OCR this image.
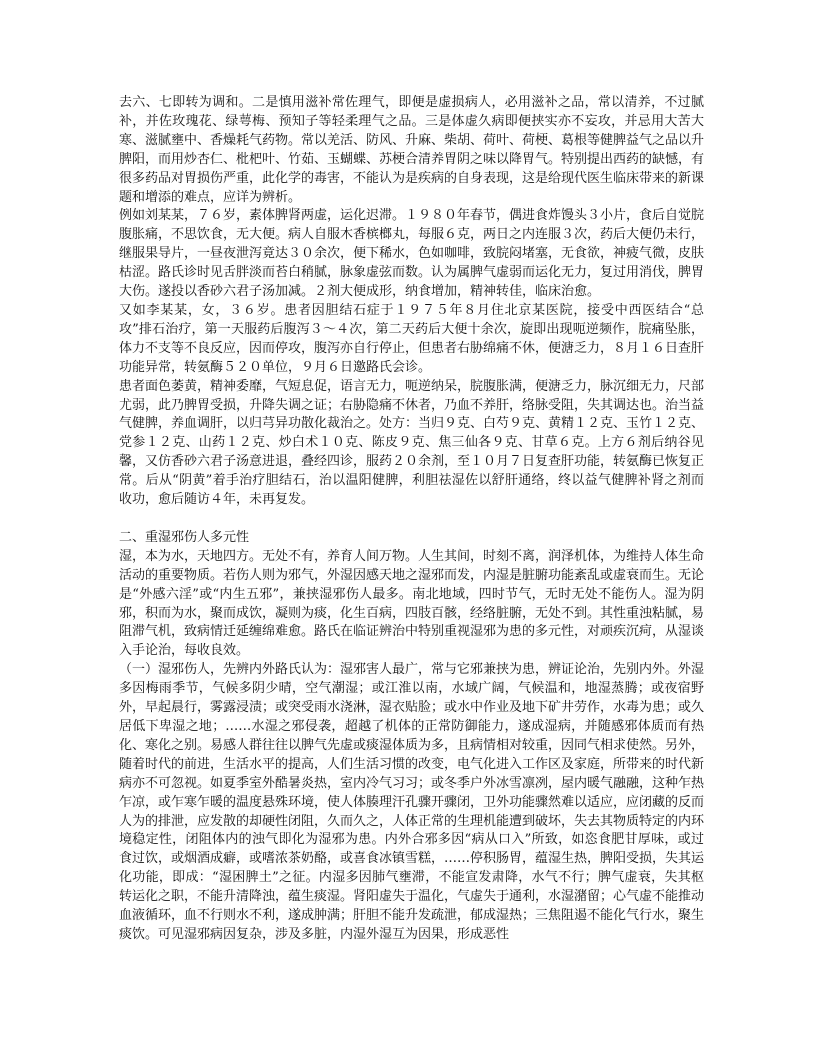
去六、七即转为调和。二是慎用滋补常佐理气，即便是虚损病人，必用滋补之品，常以清养，不过腻补，并佐玫瑰花、绿萼梅、预知子等轻柔理气之品。三是体虚久病即便挟实亦不妄攻，并忌用大苦大寒、滋腻壅中、香燥耗气药物。常以羌活、防风、升麻、柴胡、荷叶、荷梗、葛根等健脾益气之品以升脾阳，而用炒杏仁、枇杷叶、竹茹、玉蝴蝶、苏梗合清养胃阴之味以降胃气。特别提出西药的缺憾，有很多药品对胃损伤严重，此化学的毒害，不能认为是疾病的自身表现，这是给现代医生临床带来的新课题和增添的难点，应详为辨析。

例如刘某某，７６岁，素体脾肾两虚，运化迟滞。１９８０年春节，偶进食炸馒头３小片，食后自觉脘腹胀痛，不思饮食，无大便。病人自服木香槟榔丸，每服６克，两日之内连服３次，药后大便仍未行，继服果导片，一昼夜泄泻竟达３０余次，便下稀水，色如咖啡，致脘闷堵塞，无食欲，神疲气微，皮肤枯涩。路氏诊时见舌胖淡而苔白稍腻，脉象虚弦而数。认为属脾气虚弱而运化无力，复过用消伐，脾胃大伤。遂投以香砂六君子汤加减。２剂大便成形，纳食增加，精神转佳，临床治愈。

又如李某某，女，３６岁。患者因胆结石症于１９７５年８月住北京某医院，接受中西医结合“总攻”排石治疗，第一天服药后腹泻３～４次，第二天药后大便十余次，旋即出现呃逆频作，脘痛坠胀，体力不支等不良反应，因而停攻，腹泻亦自行停止，但患者右胁绵痛不休，便溏乏力，８月１６日查肝功能异常，转氨酶５２０单位，９月６日邀路氏会诊。

患者面色萎黄，精神委靡，气短息促，语言无力，呃逆纳呆，脘腹胀满，便溏乏力，脉沉细无力，尺部尤弱，此乃脾胃受损，升降失调之证；右胁隐痛不休者，乃血不养肝，络脉受阻，失其调达也。治当益气健脾，养血调肝，以归芎异功散化裁治之。处方：当归９克、白芍９克、黄精１２克、玉竹１２克、党参１２克、山药１２克、炒白术１０克、陈皮９克、焦三仙各９克、甘草６克。上方６剂后纳谷见馨，又仿香砂六君子汤意进退，叠经四诊，服药２０余剂，至１０月７日复查肝功能，转氨酶已恢复正常。后从“阴黄”着手治疗胆结石，治以温阳健脾，利胆祛湿佐以舒肝通络，终以益气健脾补肾之剂而收功，愈后随访４年，未再复发。

二、重湿邪伤人多元性

湿，本为水，天地四方。无处不有，养育人间万物。人生其间，时刻不离，润泽机体，为维持人体生命活动的重要物质。若伤人则为邪气，外湿因感天地之湿邪而发，内湿是脏腑功能紊乱或虚衰而生。无论是“外感六淫”或“内生五邪”，兼挟湿邪伤人最多。南北地域，四时节气，无时无处不能伤人。湿为阴邪，积而为水，聚而成饮，凝则为痰，化生百病，四肢百骸，经络脏腑，无处不到。其性重浊粘腻，易阻滞气机，致病情迁延缠绵难愈。路氏在临证辨治中特别重视湿邪为患的多元性，对顽疾沉疴，从湿谈入手论治，每收良效。

（一）湿邪伤人，先辨内外路氏认为：湿邪害人最广，常与它邪兼挟为患，辨证论治，先别内外。外湿多因梅雨季节，气候多阴少晴，空气潮湿；或江淮以南，水域广阔，气候温和，地湿蒸腾；或夜宿野外，早起晨行，雾露浸渍；或突受雨水浇淋，湿衣贴脸；或水中作业及地下矿井劳作，水毒为患；或久居低下卑湿之地；……水湿之邪侵袭，超越了机体的正常防御能力，遂成湿病，并随感邪体质而有热化、寒化之别。易感人群往往以脾气先虚或痰湿体质为多，且病情相对较重，因同气相求使然。另外，随着时代的前进，生活水平的提高，人们生活习惯的改变，电气化进入工作区及家庭，所带来的时代新病亦不可忽视。如夏季室外酷暑炎热，室内冷气习习；或冬季户外冰雪凛冽，屋内暖气融融，这种乍热乍凉，或乍寒乍暖的温度悬殊环境，使人体腠理汗孔骤开骤闭，卫外功能骤然难以适应，应闭藏的反而人为的排泄，应发散的却硬性闭阻，久而久之，人体正常的生理机能遭到破坏，失去其物质特定的内环境稳定性，闭阻体内的浊气即化为湿邪为患。内外合邪多因“病从口入”所致，如恣食肥甘厚味，或过食过饮，或烟酒成癖，或嗜浓茶奶酪，或喜食冰镇雪糕，……停积肠胃，蕴湿生热，脾阳受损，失其运化功能，即成：“湿困脾土”之征。内湿多因肺气壅滞，不能宣发肃降，水气不行；脾气虚衰，失其枢转运化之职，不能升清降浊，蕴生痰湿。肾阳虚失于温化，气虚失于通利，水湿潴留；心气虚不能推动血液循环，血不行则水不利，遂成肿满；肝胆不能升发疏泄，郁成湿热；三焦阻遏不能化气行水，聚生痰饮。可见湿邪病因复杂，涉及多脏，内湿外湿互为因果，形成恶性
